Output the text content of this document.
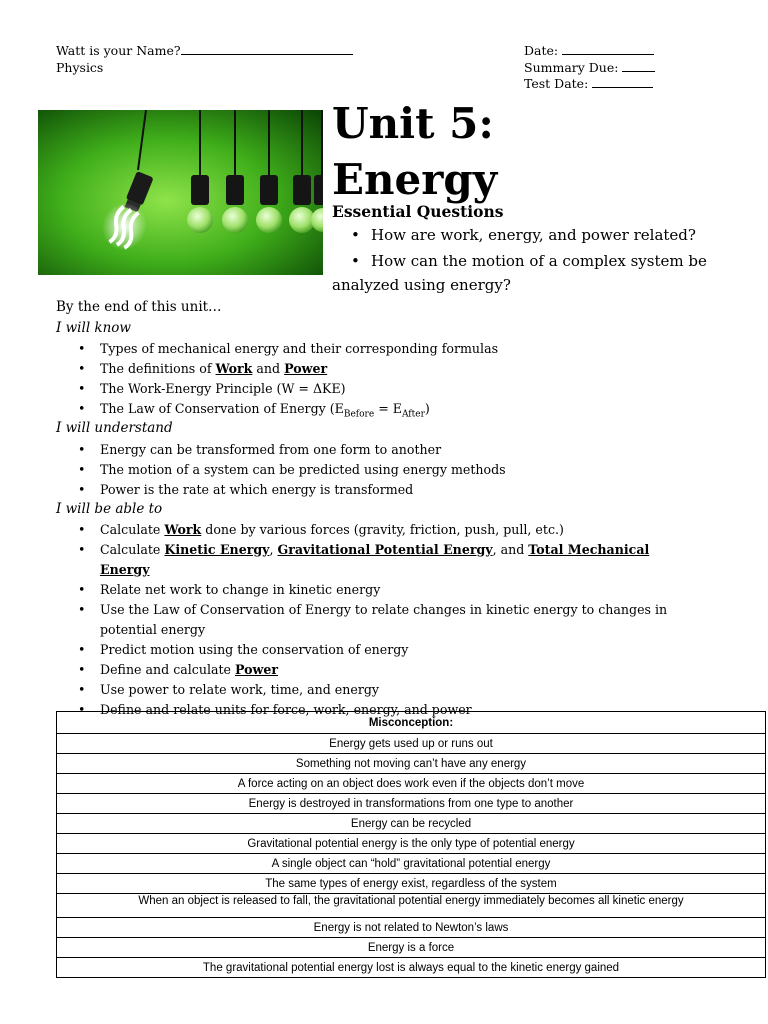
Watt is your Name?
Physics
Date:
Summary Due:
Test Date:
Unit 5:
Energy
Essential Questions
• How are work, energy, and power related?
• How can the motion of a complex system be
analyzed using energy?
By the end of this unit…
I will know
• Types of mechanical energy and their corresponding formulas
• The definitions of Work and Power
• The Work-Energy Principle (W = ΔKE)
• The Law of Conservation of Energy $(E_{Before} = E_{After})$
I will understand
• Energy can be transformed from one form to another
• The motion of a system can be predicted using energy methods
• Power is the rate at which energy is transformed
I will be able to
• Calculate Work done by various forces (gravity, friction, push, pull, etc.)
• Calculate Kinetic Energy, Gravitational Potential Energy, and Total Mechanical Energy
• Relate net work to change in kinetic energy
• Use the Law of Conservation of Energy to relate changes in kinetic energy to changes in potential energy
• Predict motion using the conservation of energy
• Define and calculate Power
• Use power to relate work, time, and energy
• Define and relate units for force, work, energy, and power
Misconception:
Energy gets used up or runs out
Something not moving can’t have any energy
A force acting on an object does work even if the objects don’t move
Energy is destroyed in transformations from one type to another
Energy can be recycled
Gravitational potential energy is the only type of potential energy
A single object can “hold” gravitational potential energy
The same types of energy exist, regardless of the system
When an object is released to fall, the gravitational potential energy immediately becomes all kinetic energy
Energy is not related to Newton’s laws
Energy is a force
The gravitational potential energy lost is always equal to the kinetic energy gained
